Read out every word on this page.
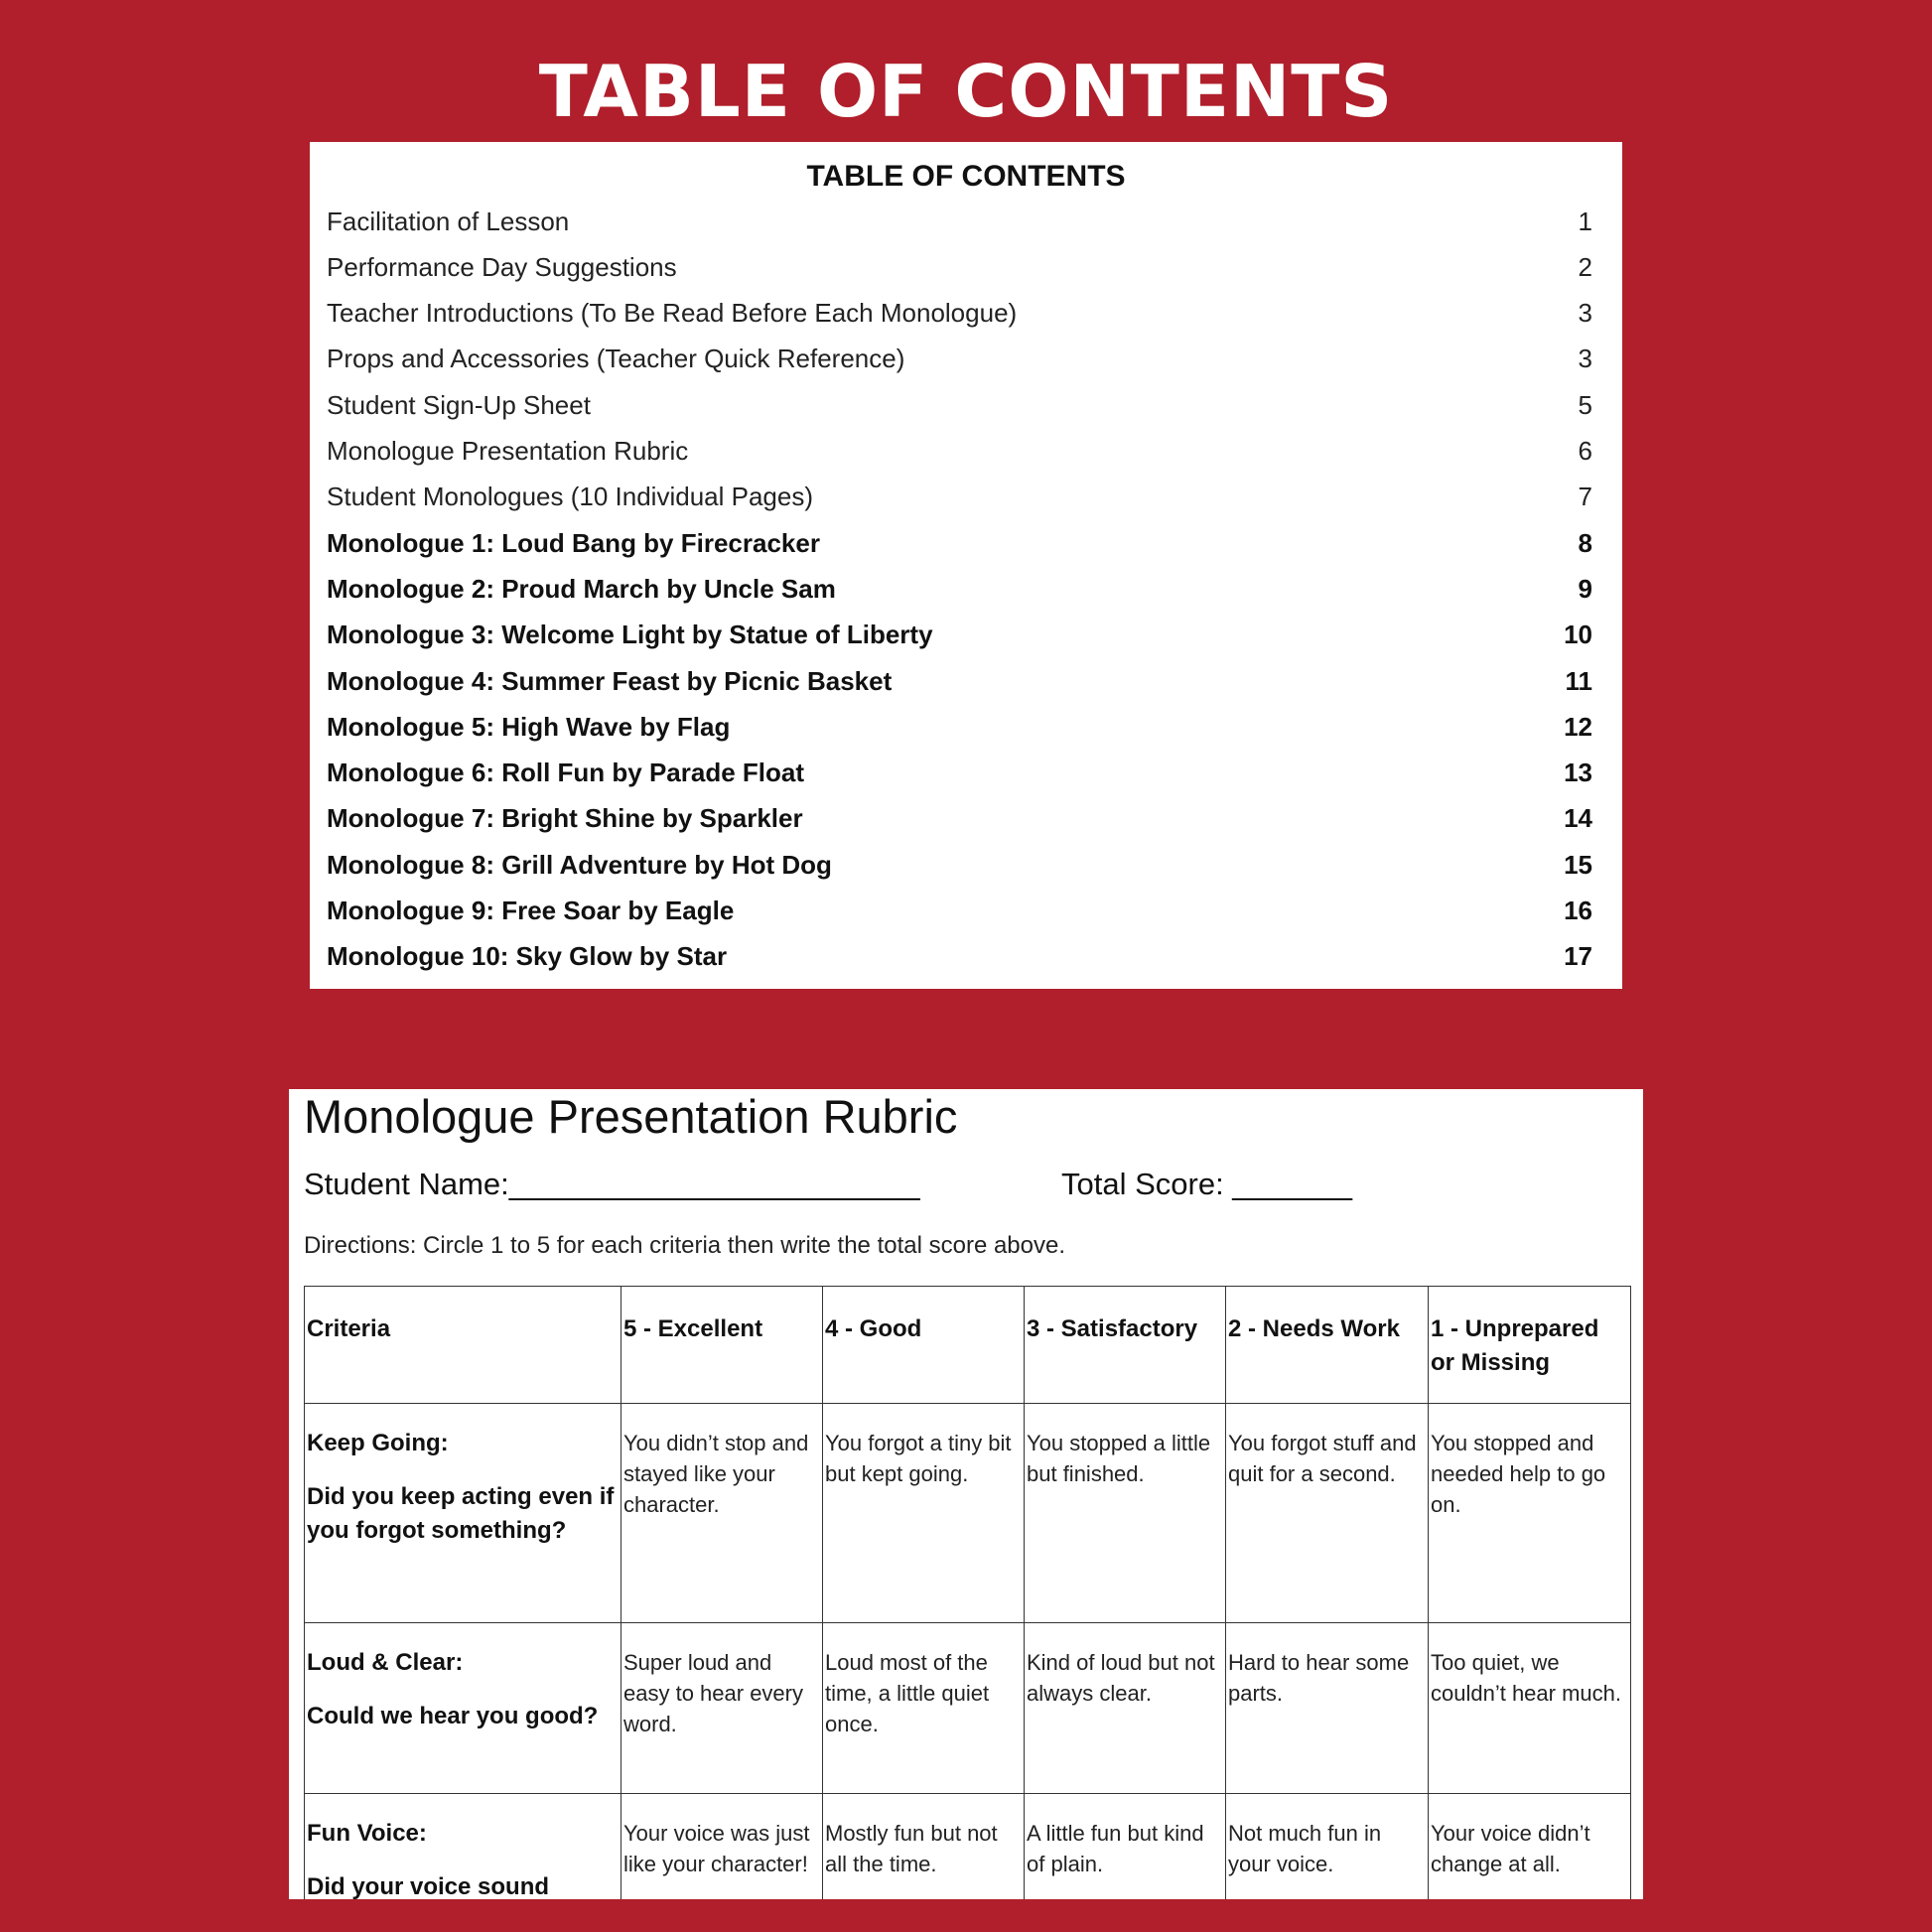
TABLE OF CONTENTS
TABLE OF CONTENTS
Facilitation of Lesson	1
Performance Day Suggestions	2
Teacher Introductions (To Be Read Before Each Monologue)	3
Props and Accessories (Teacher Quick Reference)	3
Student Sign-Up Sheet	5
Monologue Presentation Rubric	6
Student Monologues (10 Individual Pages)	7
Monologue 1: Loud Bang by Firecracker	8
Monologue 2: Proud March by Uncle Sam	9
Monologue 3: Welcome Light by Statue of Liberty	10
Monologue 4: Summer Feast by Picnic Basket	11
Monologue 5: High Wave by Flag	12
Monologue 6: Roll Fun by Parade Float	13
Monologue 7: Bright Shine by Sparkler	14
Monologue 8: Grill Adventure by Hot Dog	15
Monologue 9: Free Soar by Eagle	16
Monologue 10: Sky Glow by Star	17
Monologue Presentation Rubric
Student Name:________________________	Total Score: _______
Directions: Circle 1 to 5 for each criteria then write the total score above.
Criteria	5 - Excellent	4 - Good	3 - Satisfactory	2 - Needs Work	1 - Unprepared or Missing

Keep Going:
Did you keep acting even if you forgot something?	You didn’t stop and stayed like your character.	You forgot a tiny bit but kept going.	You stopped a little but finished.	You forgot stuff and quit for a second.	You stopped and needed help to go on.

Loud & Clear:
Could we hear you good?	Super loud and easy to hear every word.	Loud most of the time, a little quiet once.	Kind of loud but not always clear.	Hard to hear some parts.	Too quiet, we couldn’t hear much.

Fun Voice:
Did your voice sound	Your voice was just like your character!	Mostly fun but not all the time.	A little fun but kind of plain.	Not much fun in your voice.	Your voice didn’t change at all.
